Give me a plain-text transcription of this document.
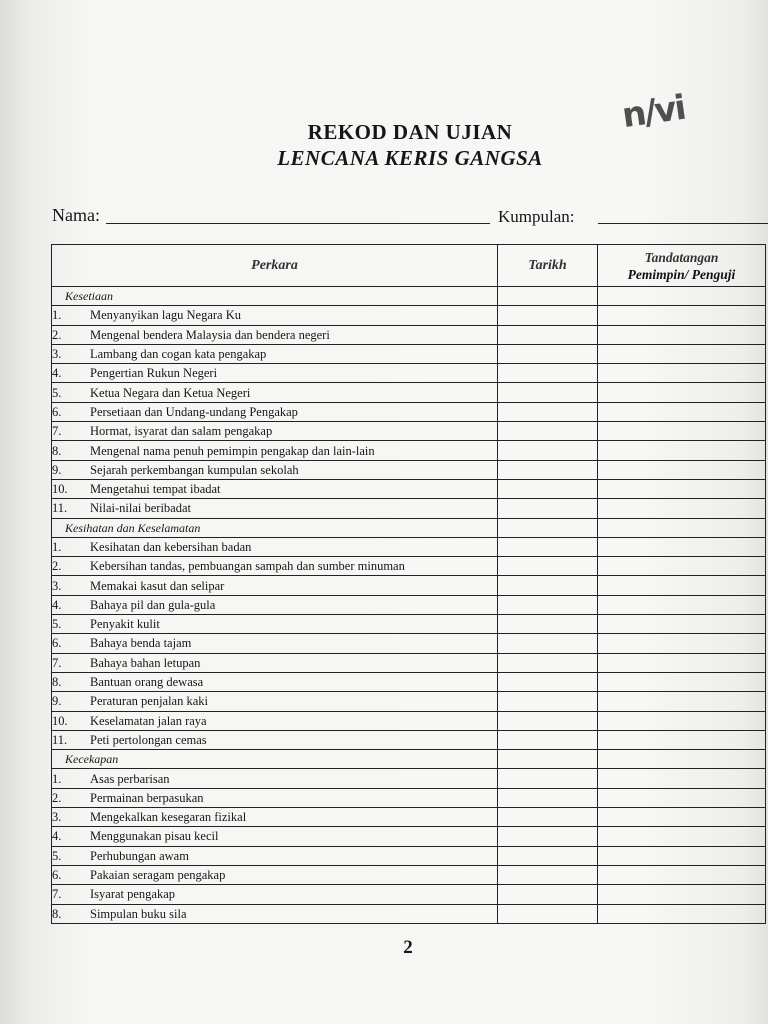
REKOD DAN UJIAN
LENCANA KERIS GANGSA
n/vi
Nama:	Kumpulan:
Perkara	Tarikh	Tandatangan
Pemimpin/ Penguji

Kesetiaan		
1. Menyanyikan lagu Negara Ku		
2. Mengenal bendera Malaysia dan bendera negeri		
3. Lambang dan cogan kata pengakap		
4. Pengertian Rukun Negeri		
5. Ketua Negara dan Ketua Negeri		
6. Persetiaan dan Undang-undang Pengakap		
7. Hormat, isyarat dan salam pengakap		
8. Mengenal nama penuh pemimpin pengakap dan lain-lain		
9. Sejarah perkembangan kumpulan sekolah		
10. Mengetahui tempat ibadat		
11. Nilai-nilai beribadat		
Kesihatan dan Keselamatan		
1. Kesihatan dan kebersihan badan		
2. Kebersihan tandas, pembuangan sampah dan sumber minuman		
3. Memakai kasut dan selipar		
4. Bahaya pil dan gula-gula		
5. Penyakit kulit		
6. Bahaya benda tajam		
7. Bahaya bahan letupan		
8. Bantuan orang dewasa		
9. Peraturan penjalan kaki		
10. Keselamatan jalan raya		
11. Peti pertolongan cemas		
Kecekapan		
1. Asas perbarisan		
2. Permainan berpasukan		
3. Mengekalkan kesegaran fizikal		
4. Menggunakan pisau kecil		
5. Perhubungan awam		
6. Pakaian seragam pengakap		
7. Isyarat pengakap		
8. Simpulan buku sila		
2
